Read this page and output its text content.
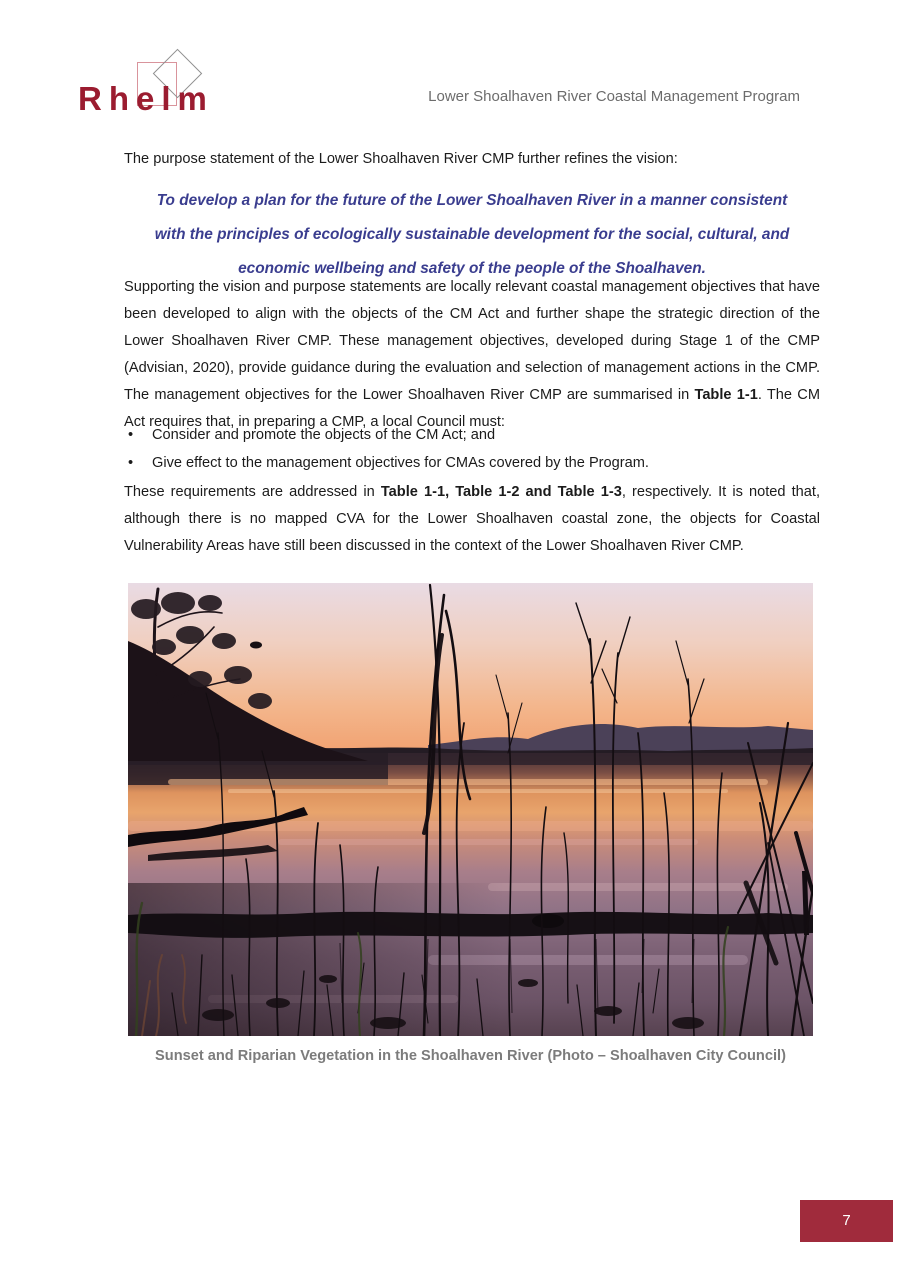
Rhelm	Lower Shoalhaven River Coastal Management Program

The purpose statement of the Lower Shoalhaven River CMP further refines the vision:

To develop a plan for the future of the Lower Shoalhaven River in a manner consistent with the principles of ecologically sustainable development for the social, cultural, and economic wellbeing and safety of the people of the Shoalhaven.

Supporting the vision and purpose statements are locally relevant coastal management objectives that have been developed to align with the objects of the CM Act and further shape the strategic direction of the Lower Shoalhaven River CMP. These management objectives, developed during Stage 1 of the CMP (Advisian, 2020), provide guidance during the evaluation and selection of management actions in the CMP. The management objectives for the Lower Shoalhaven River CMP are summarised in Table 1-1. The CM Act requires that, in preparing a CMP, a local Council must:

•	Consider and promote the objects of the CM Act; and
•	Give effect to the management objectives for CMAs covered by the Program.

These requirements are addressed in Table 1-1, Table 1-2 and Table 1-3, respectively. It is noted that, although there is no mapped CVA for the Lower Shoalhaven coastal zone, the objects for Coastal Vulnerability Areas have still been discussed in the context of the Lower Shoalhaven River CMP.

Sunset and Riparian Vegetation in the Shoalhaven River (Photo – Shoalhaven City Council)
7
